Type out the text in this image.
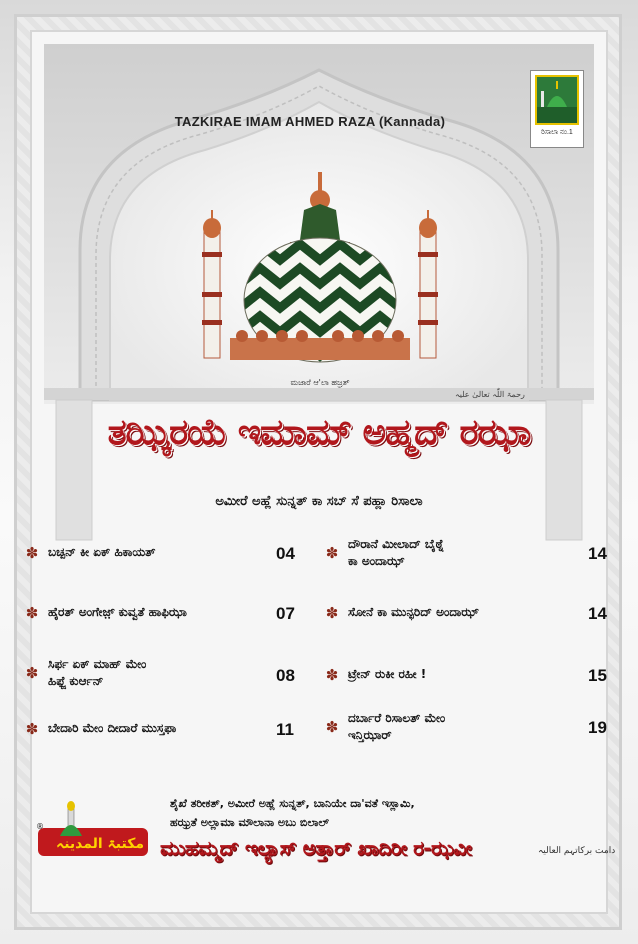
TAZKIRAE IMAM AHMED RAZA (Kannada)
ರಿಸಾಲಾ ನಂ.1
ಮಜಾರೆ ಆ'ಲಾ ಹಜ಼್ರತ್
رحمۃ اللّٰہ تعالیٰ علیہ
ತಝ್ಕಿರಯೆ ಇಮಾಮ್ ಅಹ್ಮದ್ ರಝಾ
ಅಮೀರೆ ಅಹ್ಲೆ ಸುನ್ನತ್ ಕಾ ಸಬ್ ಸೆ ಪಹ್ಲಾ ರಿಸಾಲಾ
✽ ಬಚ್ಪನ್ ಕೀ ಏಕ್ ಹಿಕಾಯತ್	04
✽ ಹೈರತ್ ಅಂಗೇಜ಼್ ಕುವ್ವತೆ ಹಾಫಿಝಾ	07
✽ ಸಿರ್ಫ ಏಕ್ ಮಾಹ್ ಮೇಂ
ಹಿಫ್ಜೆ ಕುರ್ಆನ್	08
✽ ಬೇದಾರಿ ಮೇಂ ದೀದಾರೆ ಮುಸ್ತಫಾ	11
✽ ದೌರಾನೆ ಮೀಲಾದ್ ಬೈಠ್ನೆ
ಕಾ ಅಂದಾಝ್	14
✽ ಸೋನೆ ಕಾ ಮುನ್ಫರಿದ್ ಅಂದಾಝ್	14
✽ ಟ್ರೇನ್ ರುಕೀ ರಹೀ !	15
✽ ದರ್ಬಾರೆ ರಿಸಾಲತ್ ಮೇಂ
ಇನ್ತಿಝಾರ್	19
مکتبۃ المدینہ
®
ಶೈಖೆ ತರೀಕತ್, ಅಮೀರೆ ಅಹ್ಲೆ ಸುನ್ನತ್, ಬಾನಿಯೇ ದಾ'ವತೆ ಇಸ್ಲಾಮಿ,
ಹಝ್ರತೆ ಅಲ್ಲಾಮಾ ಮೌಲಾನಾ ಅಬು ಬಿಲಾಲ್
ಮುಹಮ್ಮದ್ ಇಲ್ಯಾಸ್ ಅತ್ತಾರ್ ಖಾದಿರೀ ರ-ಝವೀ	دامت برکاتہم العالیہ
